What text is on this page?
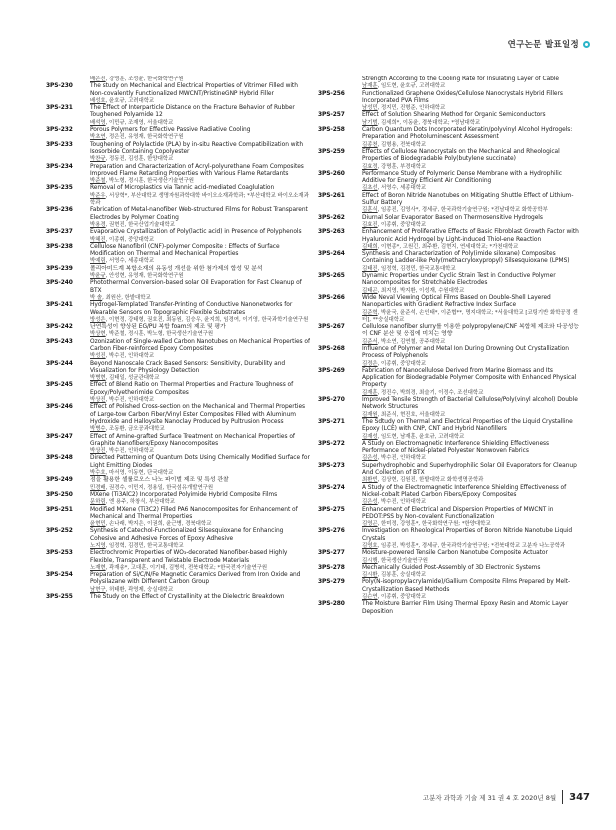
연구논문 발표일정
배은진, 강영훈, 조성윤, 한국화학연구원
3PS-230	The study on Mechanical and Electrical Properties of Vitrimer Filled with Non-covalently Functionalized MWCNT/PristineGNP Hybrid Filler
배성호, 윤호규, 고려대학교
3PS-231	The Effect of Interparticle Distance on the Fracture Behavior of Rubber Toughened Polyamide 12
배석영, 이민규, 조재영, 서울대학교
3PS-232	Porous Polymers for Effective Passive Radiative Cooling
박초연, 정은진, 유영재, 한국화학연구원
3PS-233	Toughening of Polylactide (PLA) by in-situ Reactive Compatibilization with Isosorbide Containing Copolyester
박찬규, 정동진, 김성훈, 한양대학교
3PS-234	Preparation and Characterization of Acryl-polyurethane Foam Composites Improved Flame Retarding Properties with Various Flame Retardants
박준철, 박노형, 정시훈, 한국생산기술연구원
3PS-235	Removal of Microplastics via Tannic acid-mediated Coaglulation
박준우, 서상혁*, 부산대학교 생명자원과학대학 바이오소재과학과; *부산대학교 바이오소재과학과
3PS-236	Fabrication of Metal-nanofiber Web-structured Films for Robust Transparent Electrodes by Polymer Coating
박용경, 권현진, 한국산업기술대학교
3PS-237	Evaporative Crystallization of Poly(lactic acid) in Presence of Polyphenols
박혜진, 이종휘, 중앙대학교
3PS-238	Cellulose Nanofibril (CNF)-polymer Composite : Effects of Surface Modification on Thermal and Mechanical Properties
박예림, 서영수, 세종대학교
3PS-239	폴리아미드계 복합소재의 유동성 개선을 위한 첨가제의 합성 및 분석
박윤규, 안성현, 유영재, 한국화학연구원
3PS-240	Photothermal Conversion-based solar Oil Evaporation for Fast Cleanup of BTX
박 솔, 최원산, 한밭대학교
3PS-241	Hydrogel-Templated Transfer-Printing of Conductive Nanonetworks for Wearable Sensors on Topographic Flexible Substrates
방성은, 이현정, 강태형, 권호진, 최동원, 김승우, 윤지희, 임경여, 이기영, 한국과학기술연구원
3PS-242	난연특성이 향상된 EG/PU 복합 foam의 제조 및 평가
박상현, 박준철, 정시훈, 박노형, 한국생산기술연구원
3PS-243	Ozonization of Single-walled Carbon Nanotubes on Mechanical Properties of Carbon Fiber-reinforced Epoxy Composites
박성진, 박수진, 인하대학교
3PS-244	Beyond Nanoscale Crack Based Sensors: Sensitivity, Durability and Visualization for Physiology Detection
박병현, 김태일, 성균관대학교
3PS-245	Effect of Blend Ratio on Thermal Properties and Fracture Toughness of Epoxy/Polyetherimide Composites
박상진, 박수진, 인하대학교
3PS-246	Effect of Polished Cross-section on the Mechanical and Thermal Properties of Large-tow Carbon Fiber/Vinyl Ester Composites Filled with Aluminum Hydroxide and Halloysite Nanoclay Produced by Pultrusion Process
박병수, 조동환, 금오공과대학교
3PS-247	Effect of Amine-grafted Surface Treatment on Mechanical Properties of Graphite Nanofibers/Epoxy Nanocomposites
박상진, 박수진, 인하대학교
3PS-248	Directed Patterning of Quantum Dots Using Chemically Modified Surface for Light Emitting Diodes
박수호, 마서영, 이동현, 단국대학교
3PS-249	점을 활용한 셀룰로오스 나노 파이벌 제조 및 특성 관찰
민경배, 권경수, 이민지, 정용일, 한국섬유개발연구원
3PS-250	MXene (Ti3AlC2) Incorporated Polyimide Hybrid Composite Films
문하림, 엔 용주, 하창식, 부산대학교
3PS-251	Modified MXene (Ti3C2) Filled PA6 Nanocomposites for Enhancement of Mechanical and Thermal Properties
윤현민, 손나래, 박지은, 이권희, 윤근병, 경북대학교
3PS-252	Synthesis of Catechol-Functionalized Silsesquioxane for Enhancing Cohesive and Adhesive Forces of Epoxy Adhesive
노지영, 임정혁, 김경민, 한국교통대학교
3PS-253	Electrochromic Properties of WO₃-decorated Nanofiber-based Highly Flexible, Transparent and Twistable Electrode Materials
노재현, 곽재송*, 고대훈, 이기태, 김병석, 전북대학교; *한국전자기술연구원
3PS-254	Preparation of Si/C/N/Fe Magnetic Ceramics Derived from Iron Oxide and Polysilazane with Different Carbon Group
남현구, 허태환, 곽영제, 숭실대학교
3PS-255	The Study on the Effect of Crystallinity at the Dielectric Breakdown
Strength According to the Cooling Rate for Insulating Layer of Cable
남재훈, 임도현, 윤호규, 고려대학교
3PS-256	Functionalized Graphene Oxides/Cellulose Nanocrystals Hybrid Fillers Incorporated PVA Films
남성민, 정지민, 진형준, 인하대학교
3PS-257	Effect of Solution Shearing Method for Organic Semiconductors
남기범, 김세희*, 이동윤, 경북대학교; *영남대학교
3PS-258	Carbon Quantum Dots Incorporated Keratin/polyvinyl Alcohol Hydrogels: Preparation and Photoluminescent Assessment
김종천, 김형용, 전북대학교
3PS-259	Effects of Cellulose Nanocrystals on the Mechanical and Rheological Properties of Biodegradable Poly(butylene succinate)
김효정, 강명훈, 부경대학교
3PS-260	Performance Study of Polymeric Dense Membrane with a Hydrophilic Additive for Energy Efficient Air Conditioning
김초선, 서영수, 세종대학교
3PS-261	Effect of Boron Nitride Nanotubes on Mitigating Shuttle Effect of Lithium-Sulfur Battery
김훈식, 임종진, 김영사*, 경세규, 한국과학기술연구원; *전남대학교 화학공학부
3PS-262	Diurnal Solar Evaporator Based on Thermosensitive Hydrogels
김효진, 이종휘, 중앙대학교
3PS-263	Enhancement of Proliferative Effects of Basic Fibroblast Growth Factor with Hyaluronic Acid Hydrogel by Light-induced Thiol-ene Reaction
김태희, 이현종*, 고원긴, 최주환, 김현지, 연세대학교; *가천대학교
3PS-264	Synthesis and Characterization of Poly(imide siloxane) Composites Containing Ladder-like Poly(methacryloxypropyl) Silsesquioxane (LPMS)
김태진, 임정혁, 김경민, 한국교통대학교
3PS-265	Dynamic Properties under Cyclic Strain Test in Conductive Polymer Nanocomposites for Stretchable Electrodes
김태곤, 최지영, 박지환, 이성재, 수원대학교
3PS-266	Wide Neval Viewing Optical Films Based on Double-Shell Layered Nanoparticles with Gradient Refractive Index Surface
김준혁, 박윤국, 윤준석, 손인태*, 이준협**, 명지대학교; *서울대학교 [코팅기반 화학공정 센터], **숭실대학교
3PS-267	Cellulose nanofiber slurry를 이용한 polypropylene/CNF 복합체 제조와 다공성능이 CNF 분산 및 응집에 미치는 영향
김준서, 박소연, 김연철, 공주대학교
3PS-268	Influence of Polymer and Metal Ion During Drowning Out Crystallization Process of Polyphenols
김정은, 이종휘, 중앙대학교
3PS-269	Fabrication of Nanocellulose Derived from Marine Biomass and Its Application for Biodegradable Polymer Composite with Enhanced Physical Property
김재훈, 정진수, 박희경, 최슬기, 이정수, 조선대학교
3PS-270	Improved Tensile Strength of Bacterial Cellulose/Poly(vinyl alcohol) Double Network Structures
김재원, 최준식, 현진호, 서울대학교
3PS-271	The Sdtudy on Thermal and Electrical Properties of the Liquid Crystalline Epoxy (LCE) with CNP, CNT and Hybrid Nanofillers
김재성, 임도현, 남재훈, 윤호규, 고려대학교
3PS-272	A Study on Electromagnetic Interference Shielding Effectiveness Performance of Nickel-plated Polyester Nonwoven Fabrics
김은성, 박수진, 인하대학교
3PS-273	Superhydrophobic and Superhydrophilic Solar Oil Evaporators for Cleanup And Collection of BTX
최환빈, 김상현, 김원진, 한밭대학교 화학생명공학과
3PS-274	A Study of the Electromagnetic Interference Shielding Effectiveness of Nickel-cobalt Plated Carbon Fibers/Epoxy Composites
김은성, 박수진, 인하대학교
3PS-275	Enhancement of Electrical and Dispersion Properties of MWCNT in PEDOT:PSS by Non-covalent Functionalization
김영곤, 한미정, 강영훈*, 한국화학연구원; *한양대학교
3PS-276	Investigation on Rheological Properties of Boron Nitride Nanotube Liquid Crystals
김영호, 임종진, 박성훈*, 경세규, 한국과학기술연구원; *전북대학교 고분자 나노공학과
3PS-277	Moisture-powered Tensile Carbon Nanotube Composite Actuator
김시행, 한국생산기술연구원
3PS-278	Mechanically Guided Post-Assembly of 3D Electronic Systems
김시환, 김봉훈, 숭실대학교
3PS-279	Poly(N-isopropylacrylamide)/Gallium Composite Films Prepared by Melt-Crystallization Based Methods
김슨연, 이종휘, 중앙대학교
3PS-280	The Moisture Barrier Film Using Thermal Epoxy Resin and Atomic Layer Deposition
고분자 과학과 기술 제 31 권 4 호 2020년 8월 347
